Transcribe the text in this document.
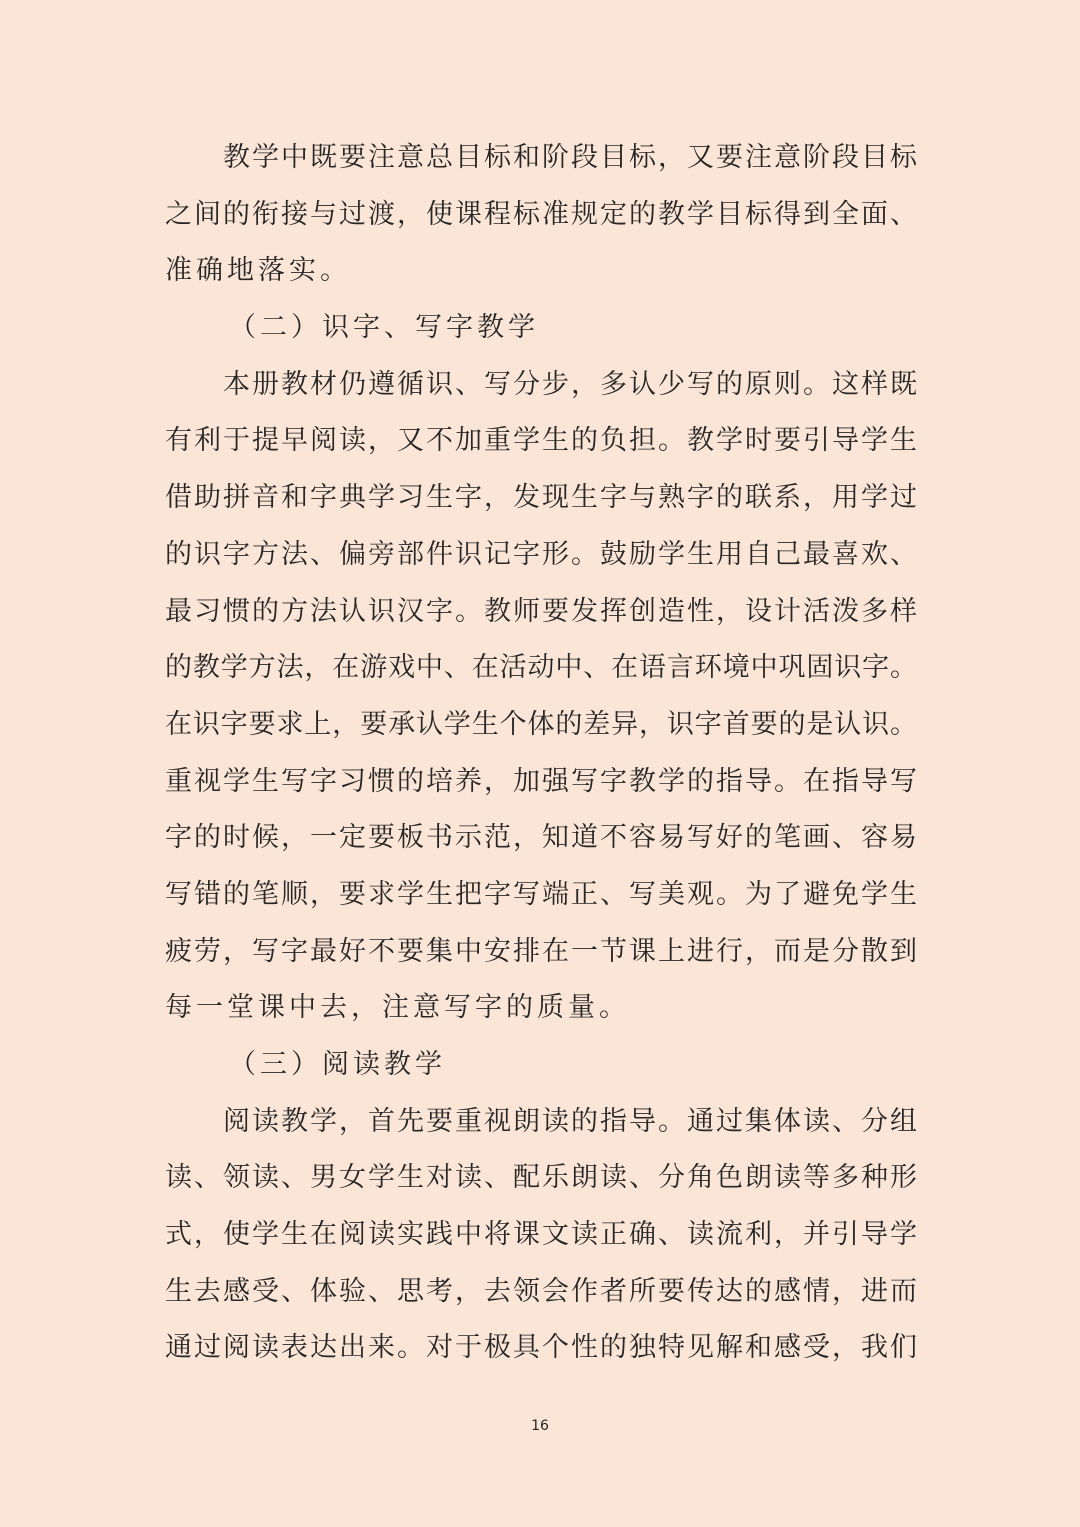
教学中既要注意总目标和阶段目标，又要注意阶段目标
之间的衔接与过渡，使课程标准规定的教学目标得到全面、
准确地落实。
（二）识字、写字教学
本册教材仍遵循识、写分步，多认少写的原则。这样既
有利于提早阅读，又不加重学生的负担。教学时要引导学生
借助拼音和字典学习生字，发现生字与熟字的联系，用学过
的识字方法、偏旁部件识记字形。鼓励学生用自己最喜欢、
最习惯的方法认识汉字。教师要发挥创造性，设计活泼多样
的教学方法，在游戏中、在活动中、在语言环境中巩固识字。
在识字要求上，要承认学生个体的差异，识字首要的是认识。
重视学生写字习惯的培养，加强写字教学的指导。在指导写
字的时候，一定要板书示范，知道不容易写好的笔画、容易
写错的笔顺，要求学生把字写端正、写美观。为了避免学生
疲劳，写字最好不要集中安排在一节课上进行，而是分散到
每一堂课中去，注意写字的质量。
（三）阅读教学
阅读教学，首先要重视朗读的指导。通过集体读、分组
读、领读、男女学生对读、配乐朗读、分角色朗读等多种形
式，使学生在阅读实践中将课文读正确、读流利，并引导学
生去感受、体验、思考，去领会作者所要传达的感情，进而
通过阅读表达出来。对于极具个性的独特见解和感受，我们
16
